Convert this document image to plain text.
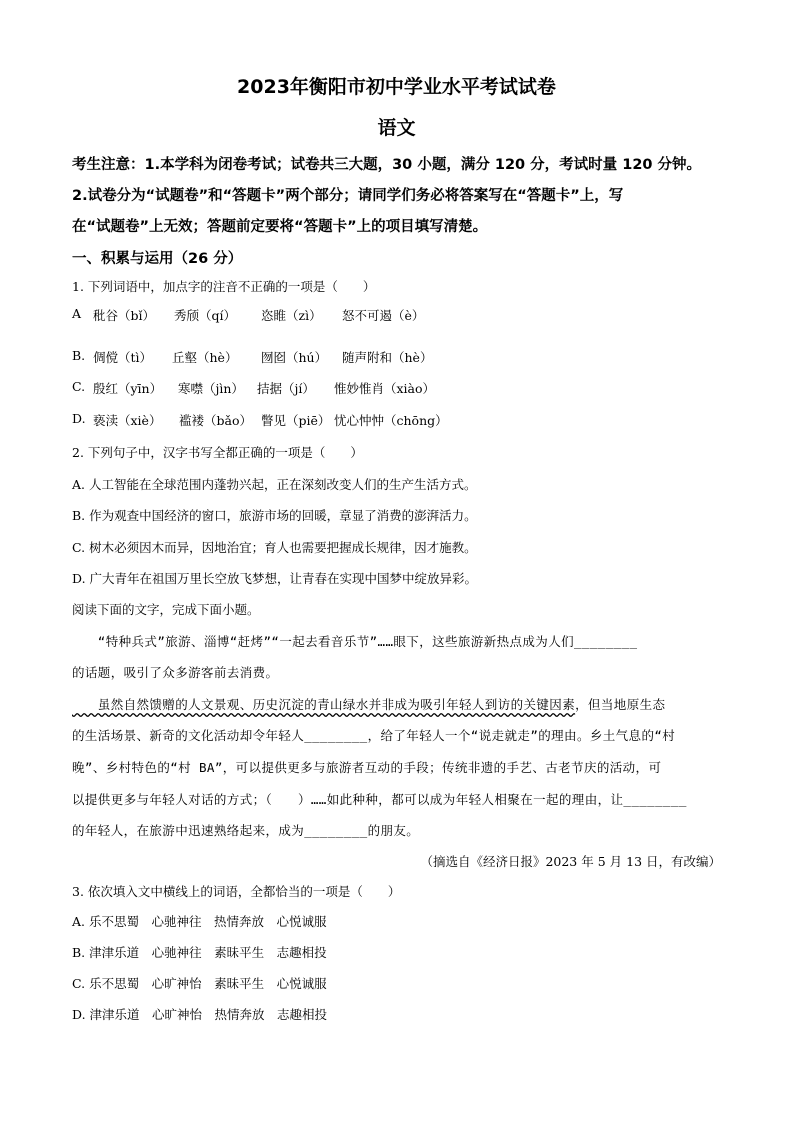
2023年衡阳市初中学业水平考试试卷
语文
考生注意：1.本学科为闭卷考试；试卷共三大题，30 小题，满分 120 分，考试时量 120 分钟。
2.试卷分为“试题卷”和“答题卡”两个部分；请同学们务必将答案写在“答题卡”上，写
在“试题卷”上无效；答题前定要将“答题卡”上的项目填写清楚。
一、积累与运用（26 分）
1. 下列词语中，加点字的注音不正确的一项是（　　）
A 秕谷（bǐ） 秀颀（qí） 恣睢（zì） 怒不可遏（è）
B. 倜傥（tì） 丘壑（hè） 囫囵（hú） 随声附和（hè）
C. 殷红（yīn） 寒噤（jìn） 拮据（jí） 惟妙惟肖（xiào）
D. 亵渎（xiè） 褴褛（bǎo） 瞥见（piē） 忧心忡忡（chōng）
2. 下列句子中，汉字书写全都正确的一项是（　　）
A. 人工智能在全球范围内蓬勃兴起，正在深刻改变人们的生产生活方式。
B. 作为观查中国经济的窗口，旅游市场的回暖，章显了消费的澎湃活力。
C. 树木必须因木而异，因地治宜；育人也需要把握成长规律，因才施教。
D. 广大青年在祖国万里长空放飞梦想，让青春在实现中国梦中绽放异彩。
阅读下面的文字，完成下面小题。
　　“特种兵式”旅游、淄博“赶烤”“一起去看音乐节”……眼下，这些旅游新热点成为人们________
的话题，吸引了众多游客前去消费。
　　虽然自然馈赠的人文景观、历史沉淀的青山绿水并非成为吸引年轻人到访的关键因素，但当地原生态
的生活场景、新奇的文化活动却令年轻人________，给了年轻人一个“说走就走”的理由。乡土气息的“村
晚”、乡村特色的“村 BA”，可以提供更多与旅游者互动的手段；传统非遗的手艺、古老节庆的活动，可
以提供更多与年轻人对话的方式；（　　）……如此种种，都可以成为年轻人相聚在一起的理由，让________
的年轻人，在旅游中迅速熟络起来，成为________的朋友。
（摘选自《经济日报》2023 年 5 月 13 日，有改编）
3. 依次填入文中横线上的词语，全都恰当的一项是（　　）
A. 乐不思蜀　心驰神往　热情奔放　心悦诚服
B. 津津乐道　心驰神往　素昧平生　志趣相投
C. 乐不思蜀　心旷神怡　素昧平生　心悦诚服
D. 津津乐道　心旷神怡　热情奔放　志趣相投
